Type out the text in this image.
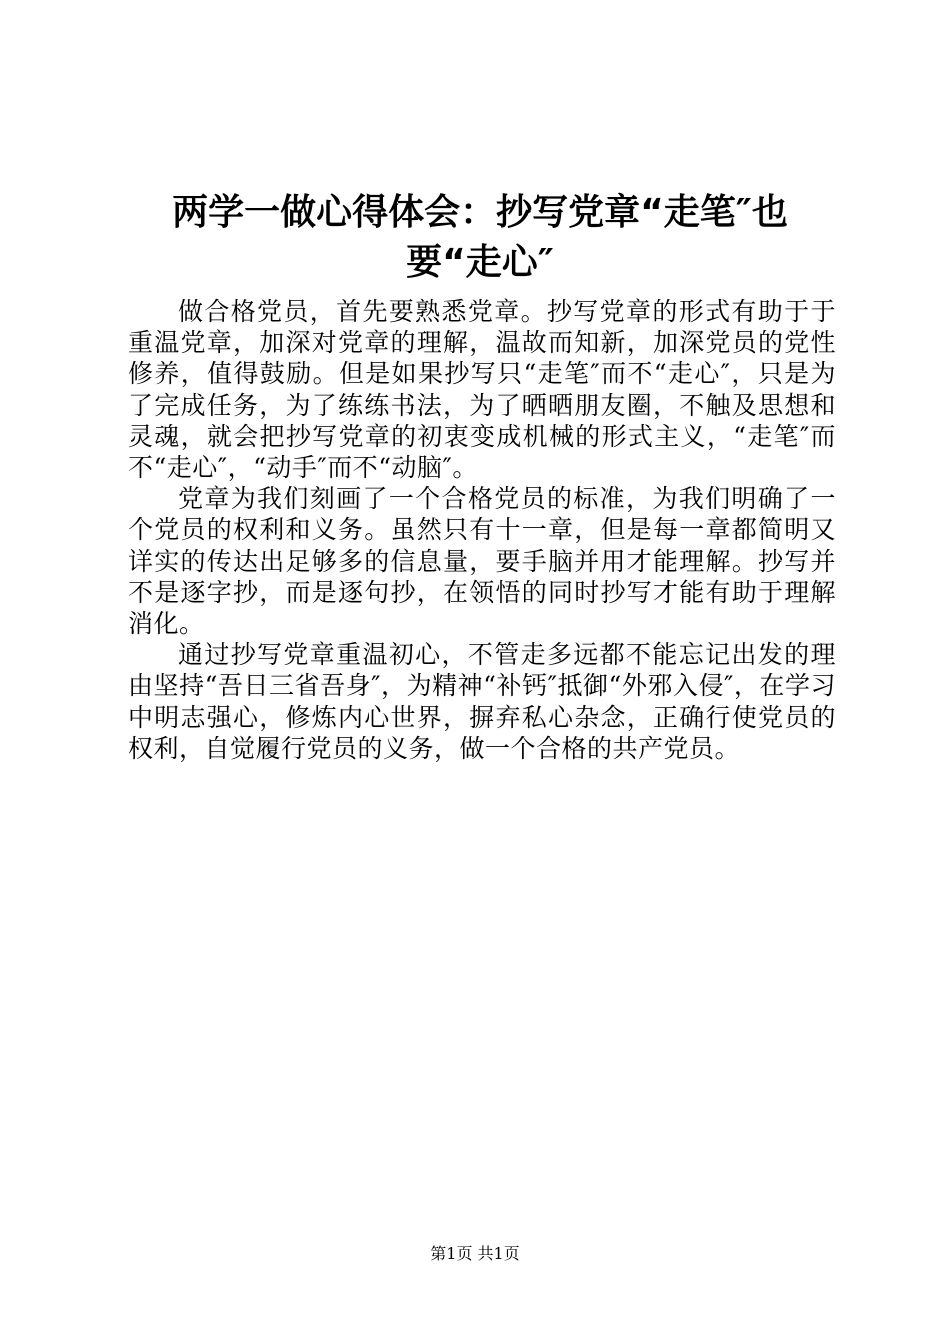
两学一做心得体会：抄写党章“走笔″也要“走心″

做合格党员，首先要熟悉党章。抄写党章的形式有助于于重温党章，加深对党章的理解，温故而知新，加深党员的党性修养，值得鼓励。但是如果抄写只“走笔″而不“走心″，只是为了完成任务，为了练练书法，为了晒晒朋友圈，不触及思想和灵魂，就会把抄写党章的初衷变成机械的形式主义，“走笔″而不“走心″，“动手″而不“动脑″。

党章为我们刻画了一个合格党员的标准，为我们明确了一个党员的权利和义务。虽然只有十一章，但是每一章都简明又详实的传达出足够多的信息量，要手脑并用才能理解。抄写并不是逐字抄，而是逐句抄，在领悟的同时抄写才能有助于理解消化。

通过抄写党章重温初心，不管走多远都不能忘记出发的理由坚持“吾日三省吾身″，为精神“补钙″抵御“外邪入侵″，在学习中明志强心，修炼内心世界，摒弃私心杂念，正确行使党员的权利，自觉履行党员的义务，做一个合格的共产党员。

第1页 共1页
